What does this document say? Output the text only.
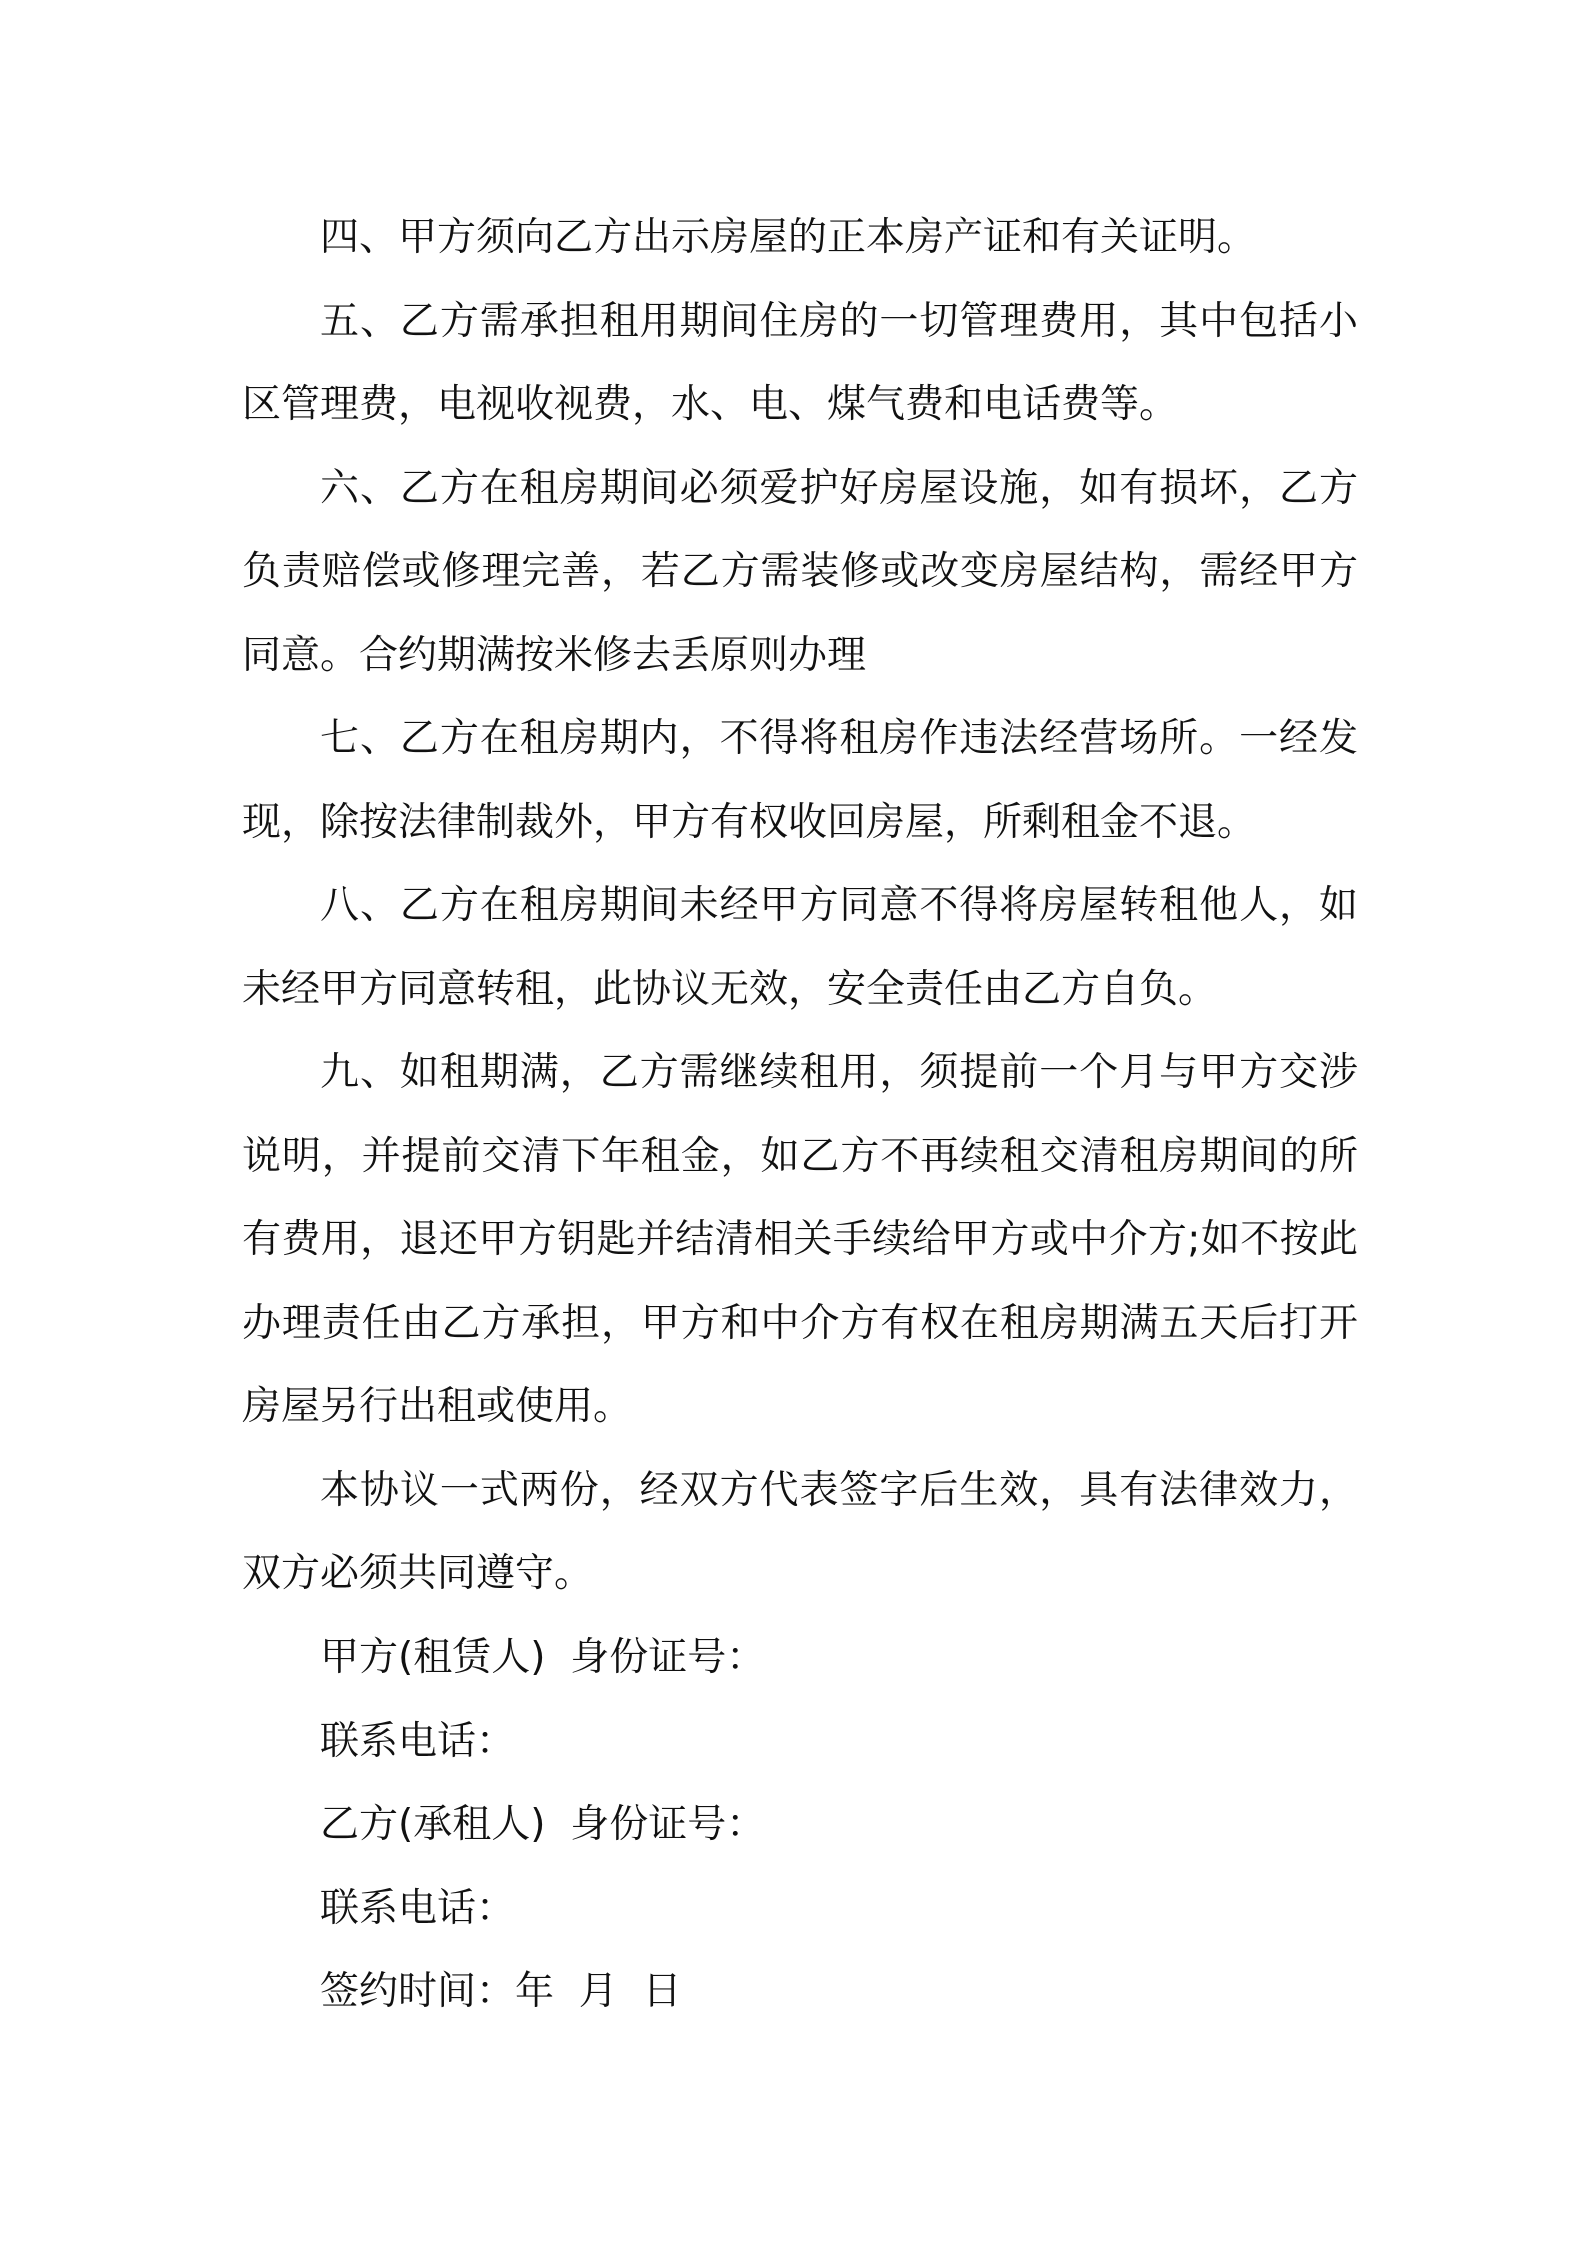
四、甲方须向乙方出示房屋的正本房产证和有关证明。

五、乙方需承担租用期间住房的一切管理费用，其中包括小区管理费，电视收视费，水、电、煤气费和电话费等。

六、乙方在租房期间必须爱护好房屋设施，如有损坏，乙方负责赔偿或修理完善，若乙方需装修或改变房屋结构，需经甲方同意。合约期满按米修去丢原则办理

七、乙方在租房期内，不得将租房作违法经营场所。一经发现，除按法律制裁外，甲方有权收回房屋，所剩租金不退。

八、乙方在租房期间未经甲方同意不得将房屋转租他人，如未经甲方同意转租，此协议无效，安全责任由乙方自负。

九、如租期满，乙方需继续租用，须提前一个月与甲方交涉说明，并提前交清下年租金，如乙方不再续租交清租房期间的所有费用，退还甲方钥匙并结清相关手续给甲方或中介方;如不按此办理责任由乙方承担，甲方和中介方有权在租房期满五天后打开房屋另行出租或使用。

本协议一式两份，经双方代表签字后生效，具有法律效力，双方必须共同遵守。

甲方(租赁人)  身份证号：

联系电话：

乙方(承租人)  身份证号：

联系电话：

签约时间：年  月  日
